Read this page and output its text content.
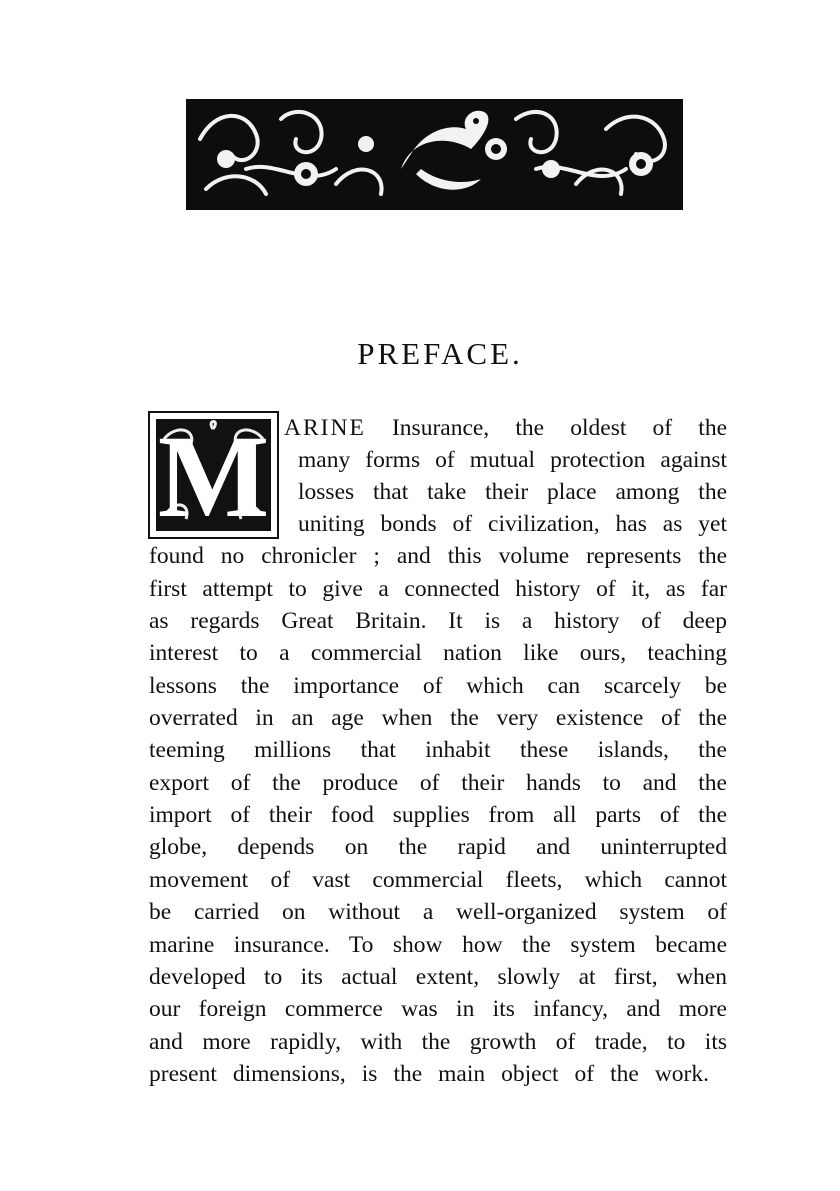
PREFACE.
M ARINE Insurance, the oldest of the
many forms of mutual protection against
losses that take their place among the
uniting bonds of civilization, has as yet
found no chronicler ; and this volume represents the
first attempt to give a connected history of it, as far
as regards Great Britain. It is a history of deep
interest to a commercial nation like ours, teaching
lessons the importance of which can scarcely be
overrated in an age when the very existence of the
teeming millions that inhabit these islands, the
export of the produce of their hands to and the
import of their food supplies from all parts of the
globe, depends on the rapid and uninterrupted
movement of vast commercial fleets, which cannot
be carried on without a well-organized system of
marine insurance. To show how the system became
developed to its actual extent, slowly at first, when
our foreign commerce was in its infancy, and more
and more rapidly, with the growth of trade, to its
present dimensions, is the main object of the work.
